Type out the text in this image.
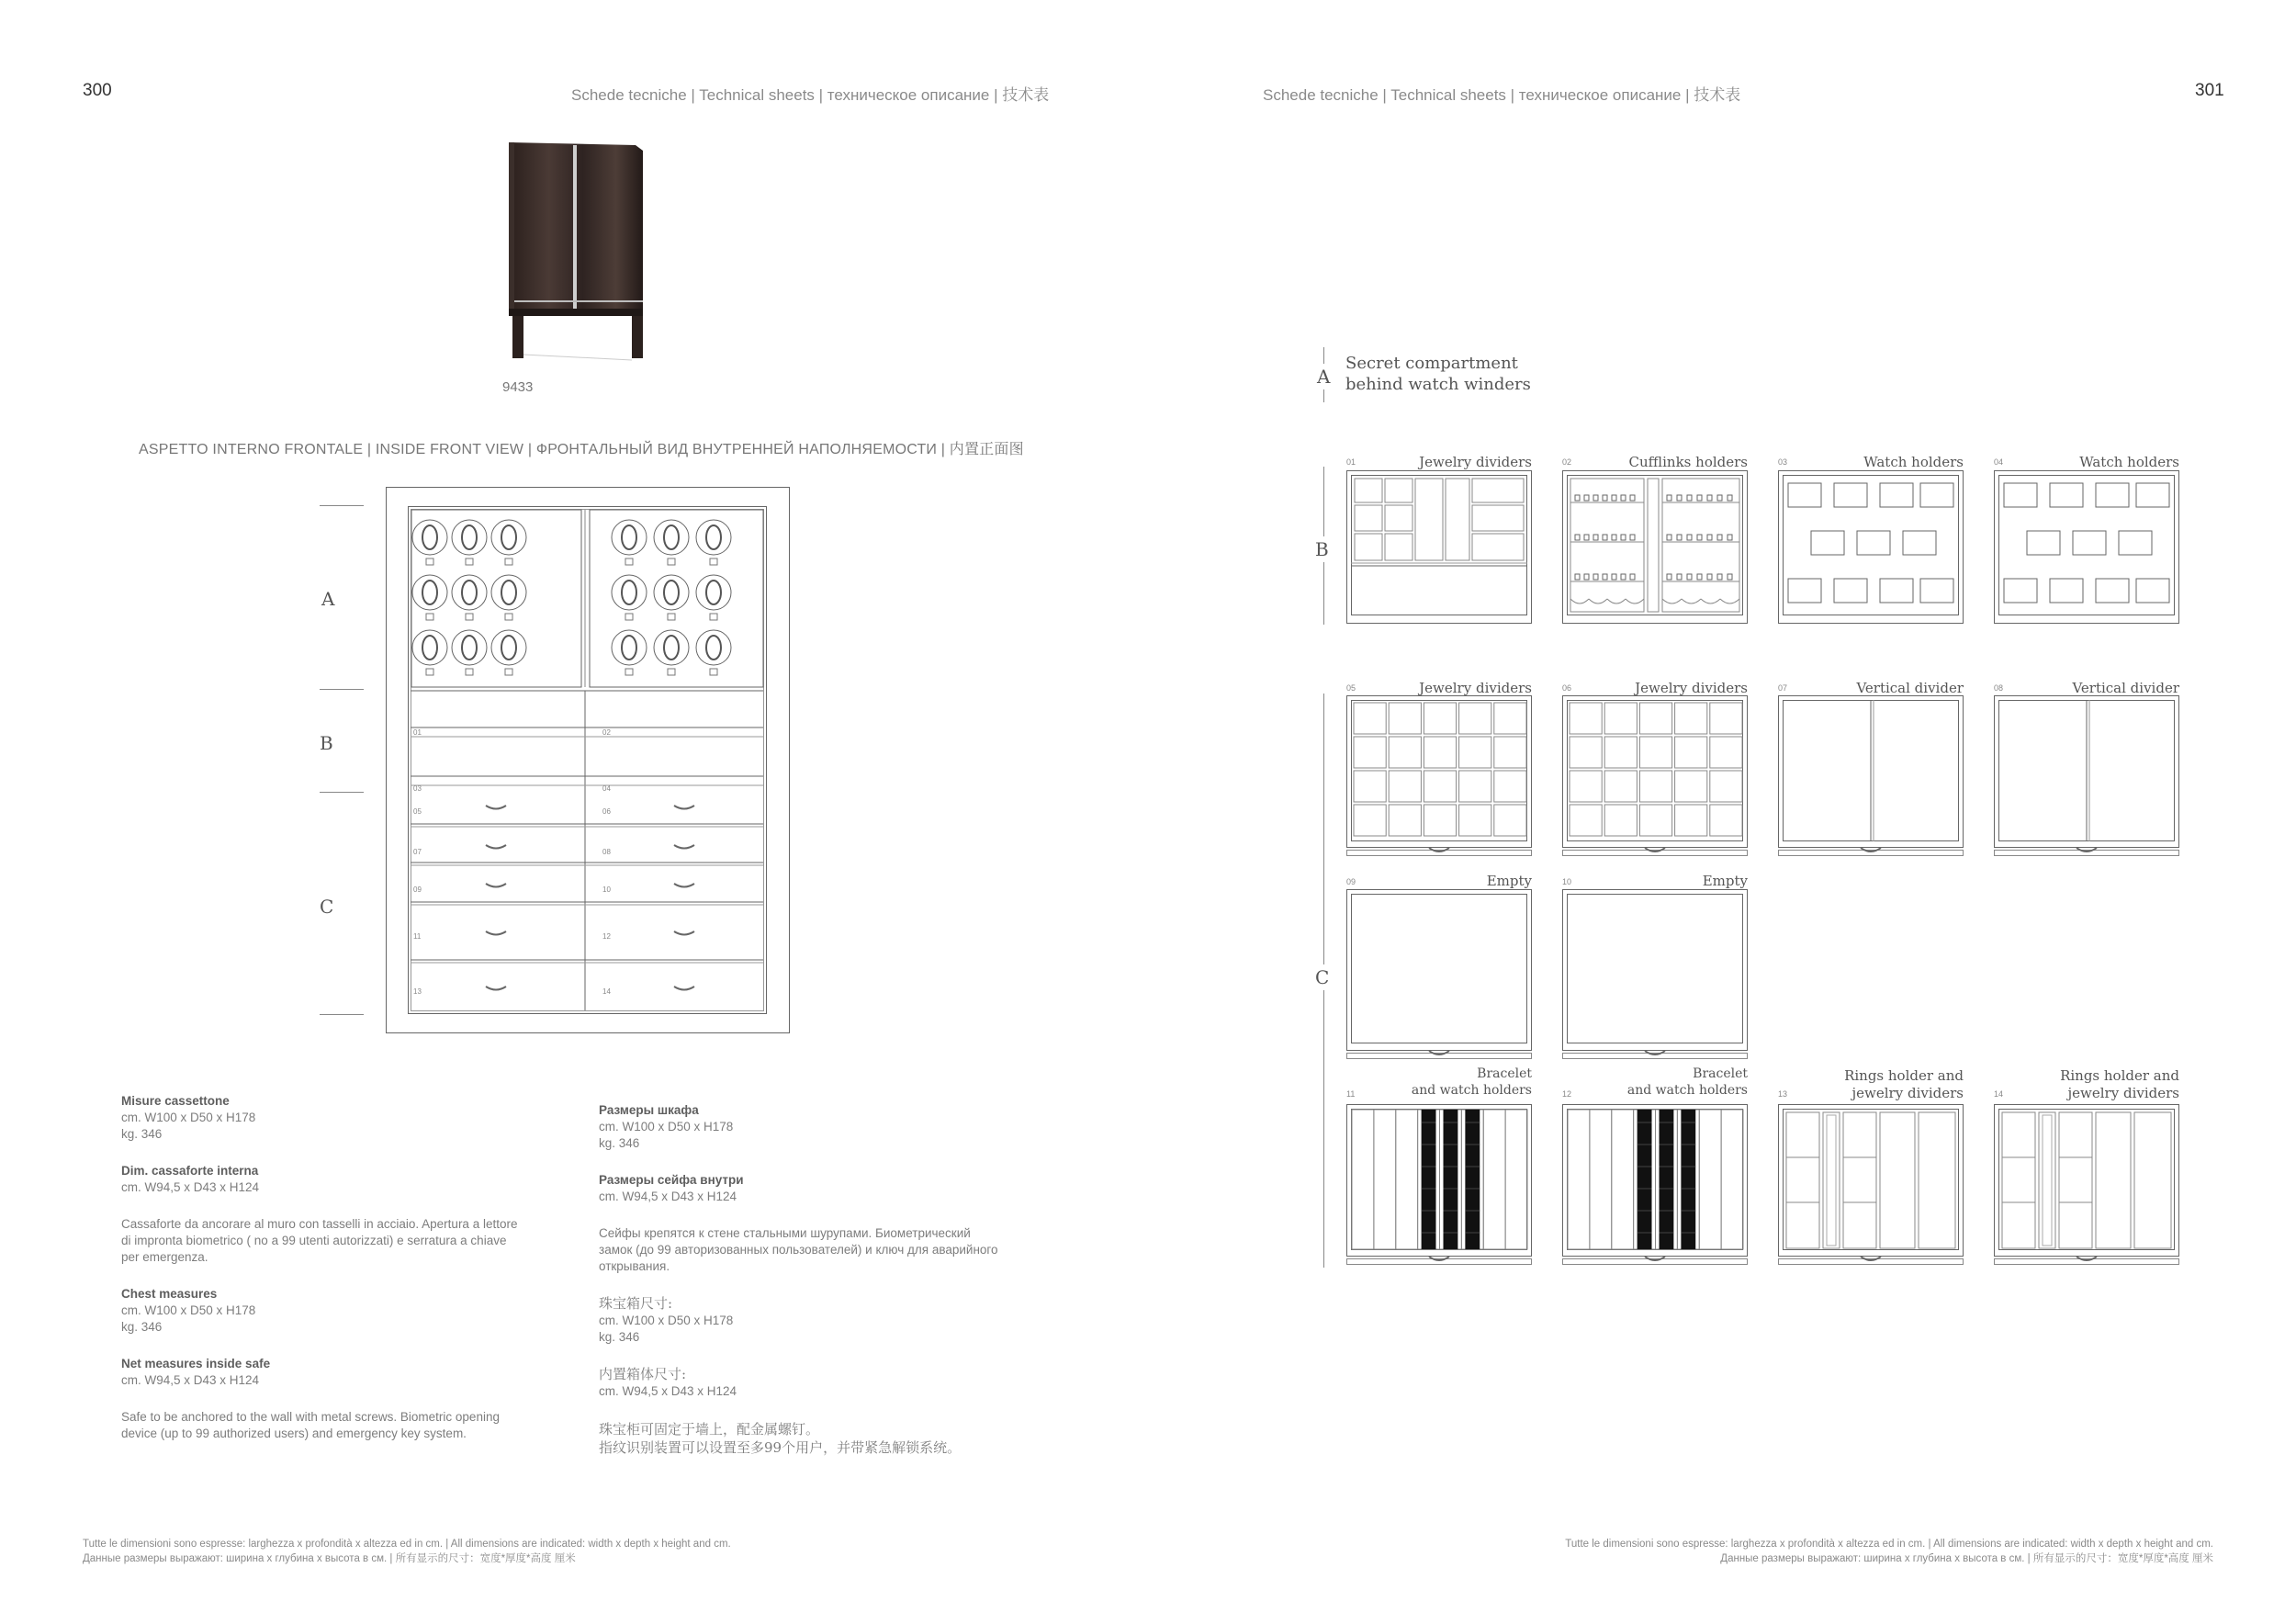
300	Schede tecniche | Technical sheets | техническое описание | 技术表
9433
ASPETTO INTERNO FRONTALE | INSIDE FRONT VIEW | ФРОНТАЛЬНЫЙ ВИД ВНУТРЕННЕЙ НАПОЛНЯЕМОСТИ | 内置正面图
A
B
C
01	02
03	04
05	06
07	08
09	10
11	12
13	14

Misure cassettone
cm. W100 x D50 x H178
kg. 346

Dim. cassaforte interna
cm. W94,5 x D43 x H124

Cassaforte da ancorare al muro con tasselli in acciaio. Apertura a lettore di impronta biometrico ( no a 99 utenti autorizzati) e serratura a chiave per emergenza.

Chest measures
cm. W100 x D50 x H178
kg. 346

Net measures inside safe
cm. W94,5 x D43 x H124

Safe to be anchored to the wall with metal screws. Biometric opening device (up to 99 authorized users) and emergency key system.

Размеры шкафа
cm. W100 x D50 x H178
kg. 346

Размеры сейфа внутри
cm. W94,5 x D43 x H124

Сейфы крепятся к стене стальными шурупами. Биометрический замок (до 99 авторизованных пользователей) и ключ для аварийного открывания.

珠宝箱尺寸:
cm. W100 x D50 x H178
kg. 346

内置箱体尺寸:
cm. W94,5 x D43 x H124

珠宝柜可固定于墙上，配金属螺钉。
指纹识别装置可以设置至多99个用户，并带紧急解锁系统。

Tutte le dimensioni sono espresse: larghezza x profondità x altezza ed in cm. | All dimensions are indicated: width x depth x height and cm.
Данные размеры выражают: ширина x глубина x высота в см. | 所有显示的尺寸：宽度*厚度*高度 厘米
Schede tecniche | Technical sheets | техническое описание | 技术表	301
A
Secret compartment
behind watch winders
B
C
01	Jewelry dividers	02	Cufflinks holders	03	Watch holders	04	Watch holders
05	Jewelry dividers	06	Jewelry dividers	07	Vertical divider	08	Vertical divider
09	Empty	10	Empty
11
Bracelet
and watch holders	12
Bracelet
and watch holders	13
Rings holder and
jewelry dividers	14
Rings holder and
jewelry dividers
Tutte le dimensioni sono espresse: larghezza x profondità x altezza ed in cm. | All dimensions are indicated: width x depth x height and cm.
Данные размеры выражают: ширина x глубина x высота в см. | 所有显示的尺寸：宽度*厚度*高度 厘米
